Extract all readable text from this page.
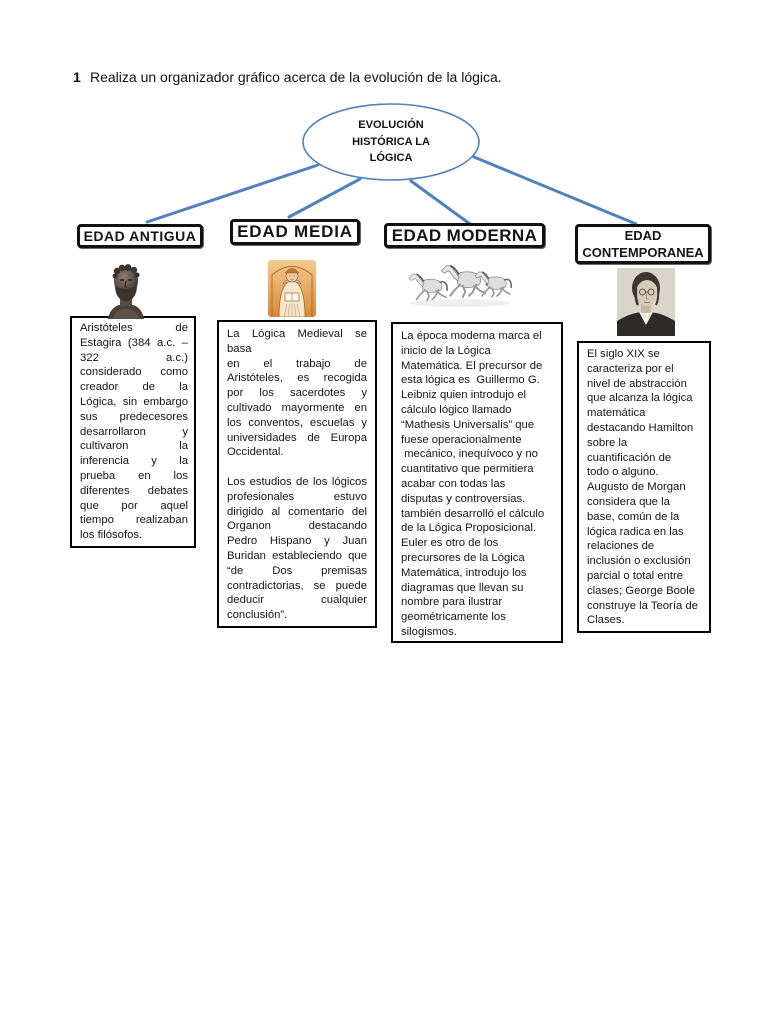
1 Realiza un organizador gráfico acerca de la evolución de la lógica.
EVOLUCIÓN HISTÓRICA LA LÓGICA
EDAD ANTIGUA	EDAD MEDIA	EDAD MODERNA	EDAD CONTEMPORANEA
Aristóteles de
Estagira (384 a.c. –
322 a.c.)
considerado como
creador de la
Lógica, sin embargo
sus predecesores
desarrollaron y
cultivaron la
inferencia y la
prueba en los
diferentes debates
que por aquel
tiempo realizaban
los filósofos.
La Lógica Medieval se basa
en el trabajo de
Aristóteles, es recogida
por los sacerdotes y
cultivado mayormente en
los conventos, escuelas y
universidades de Europa
Occidental.
Los estudios de los lógicos
profesionales estuvo
dirigido al comentario del
Organon destacando
Pedro Hispano y Juan
Buridan estableciendo que
“de Dos premisas
contradictorias, se puede
deducir cualquier
conclusión”.
La época moderna marca el
inicio de la Lógica
Matemática. El precursor de
esta lógica es  Guillermo G.
Leibniz quien introdujo el
cálculo lógico llamado
“Mathesis Universalis” que
fuese operacionalmente
mecánico, inequívoco y no
cuantitativo que permitiera
acabar con todas las
disputas y controversias.
también desarrolló el cálculo
de la Lógica Proposicional.
Euler es otro de los
precursores de la Lógica
Matemática, introdujo los
diagramas que llevan su
nombre para ilustrar
geométricamente los
silogismos.
El siglo XIX se
caracteriza por el
nivel de abstracción
que alcanza la lógica
matemática
destacando Hamilton
sobre la
cuantificación de
todo o alguno.
Augusto de Morgan
considera que la
base, común de la
lógica radica en las
relaciones de
inclusión o exclusión
parcial o total entre
clases; George Boole
construye la Teoría de
Clases.
